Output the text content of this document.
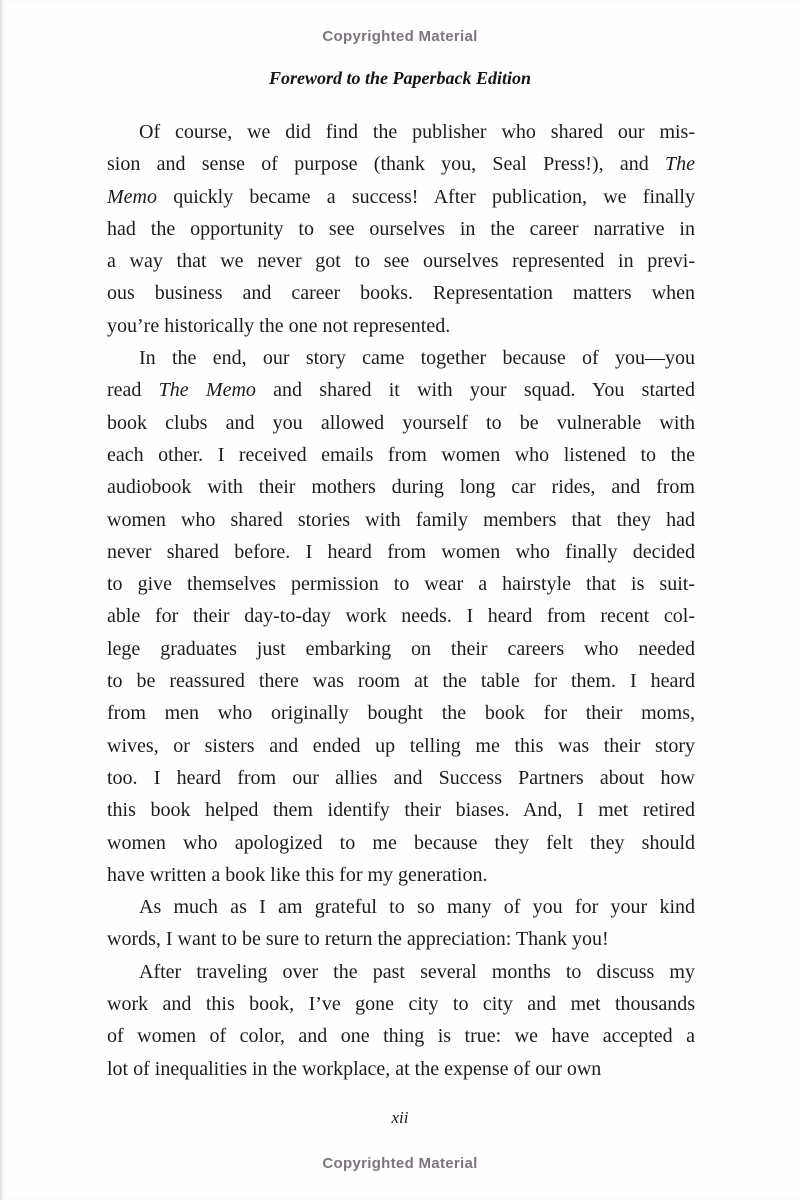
Copyrighted Material
Foreword to the Paperback Edition
Of course, we did find the publisher who shared our mis-
sion and sense of purpose (thank you, Seal Press!), and The
Memo quickly became a success! After publication, we finally
had the opportunity to see ourselves in the career narrative in
a way that we never got to see ourselves represented in previ-
ous business and career books. Representation matters when
you’re historically the one not represented.
In the end, our story came together because of you—you
read The Memo and shared it with your squad. You started
book clubs and you allowed yourself to be vulnerable with
each other. I received emails from women who listened to the
audiobook with their mothers during long car rides, and from
women who shared stories with family members that they had
never shared before. I heard from women who finally decided
to give themselves permission to wear a hairstyle that is suit-
able for their day-to-day work needs. I heard from recent col-
lege graduates just embarking on their careers who needed
to be reassured there was room at the table for them. I heard
from men who originally bought the book for their moms,
wives, or sisters and ended up telling me this was their story
too. I heard from our allies and Success Partners about how
this book helped them identify their biases. And, I met retired
women who apologized to me because they felt they should
have written a book like this for my generation.
As much as I am grateful to so many of you for your kind
words, I want to be sure to return the appreciation: Thank you!
After traveling over the past several months to discuss my
work and this book, I’ve gone city to city and met thousands
of women of color, and one thing is true: we have accepted a
lot of inequalities in the workplace, at the expense of our own
xii
Copyrighted Material
